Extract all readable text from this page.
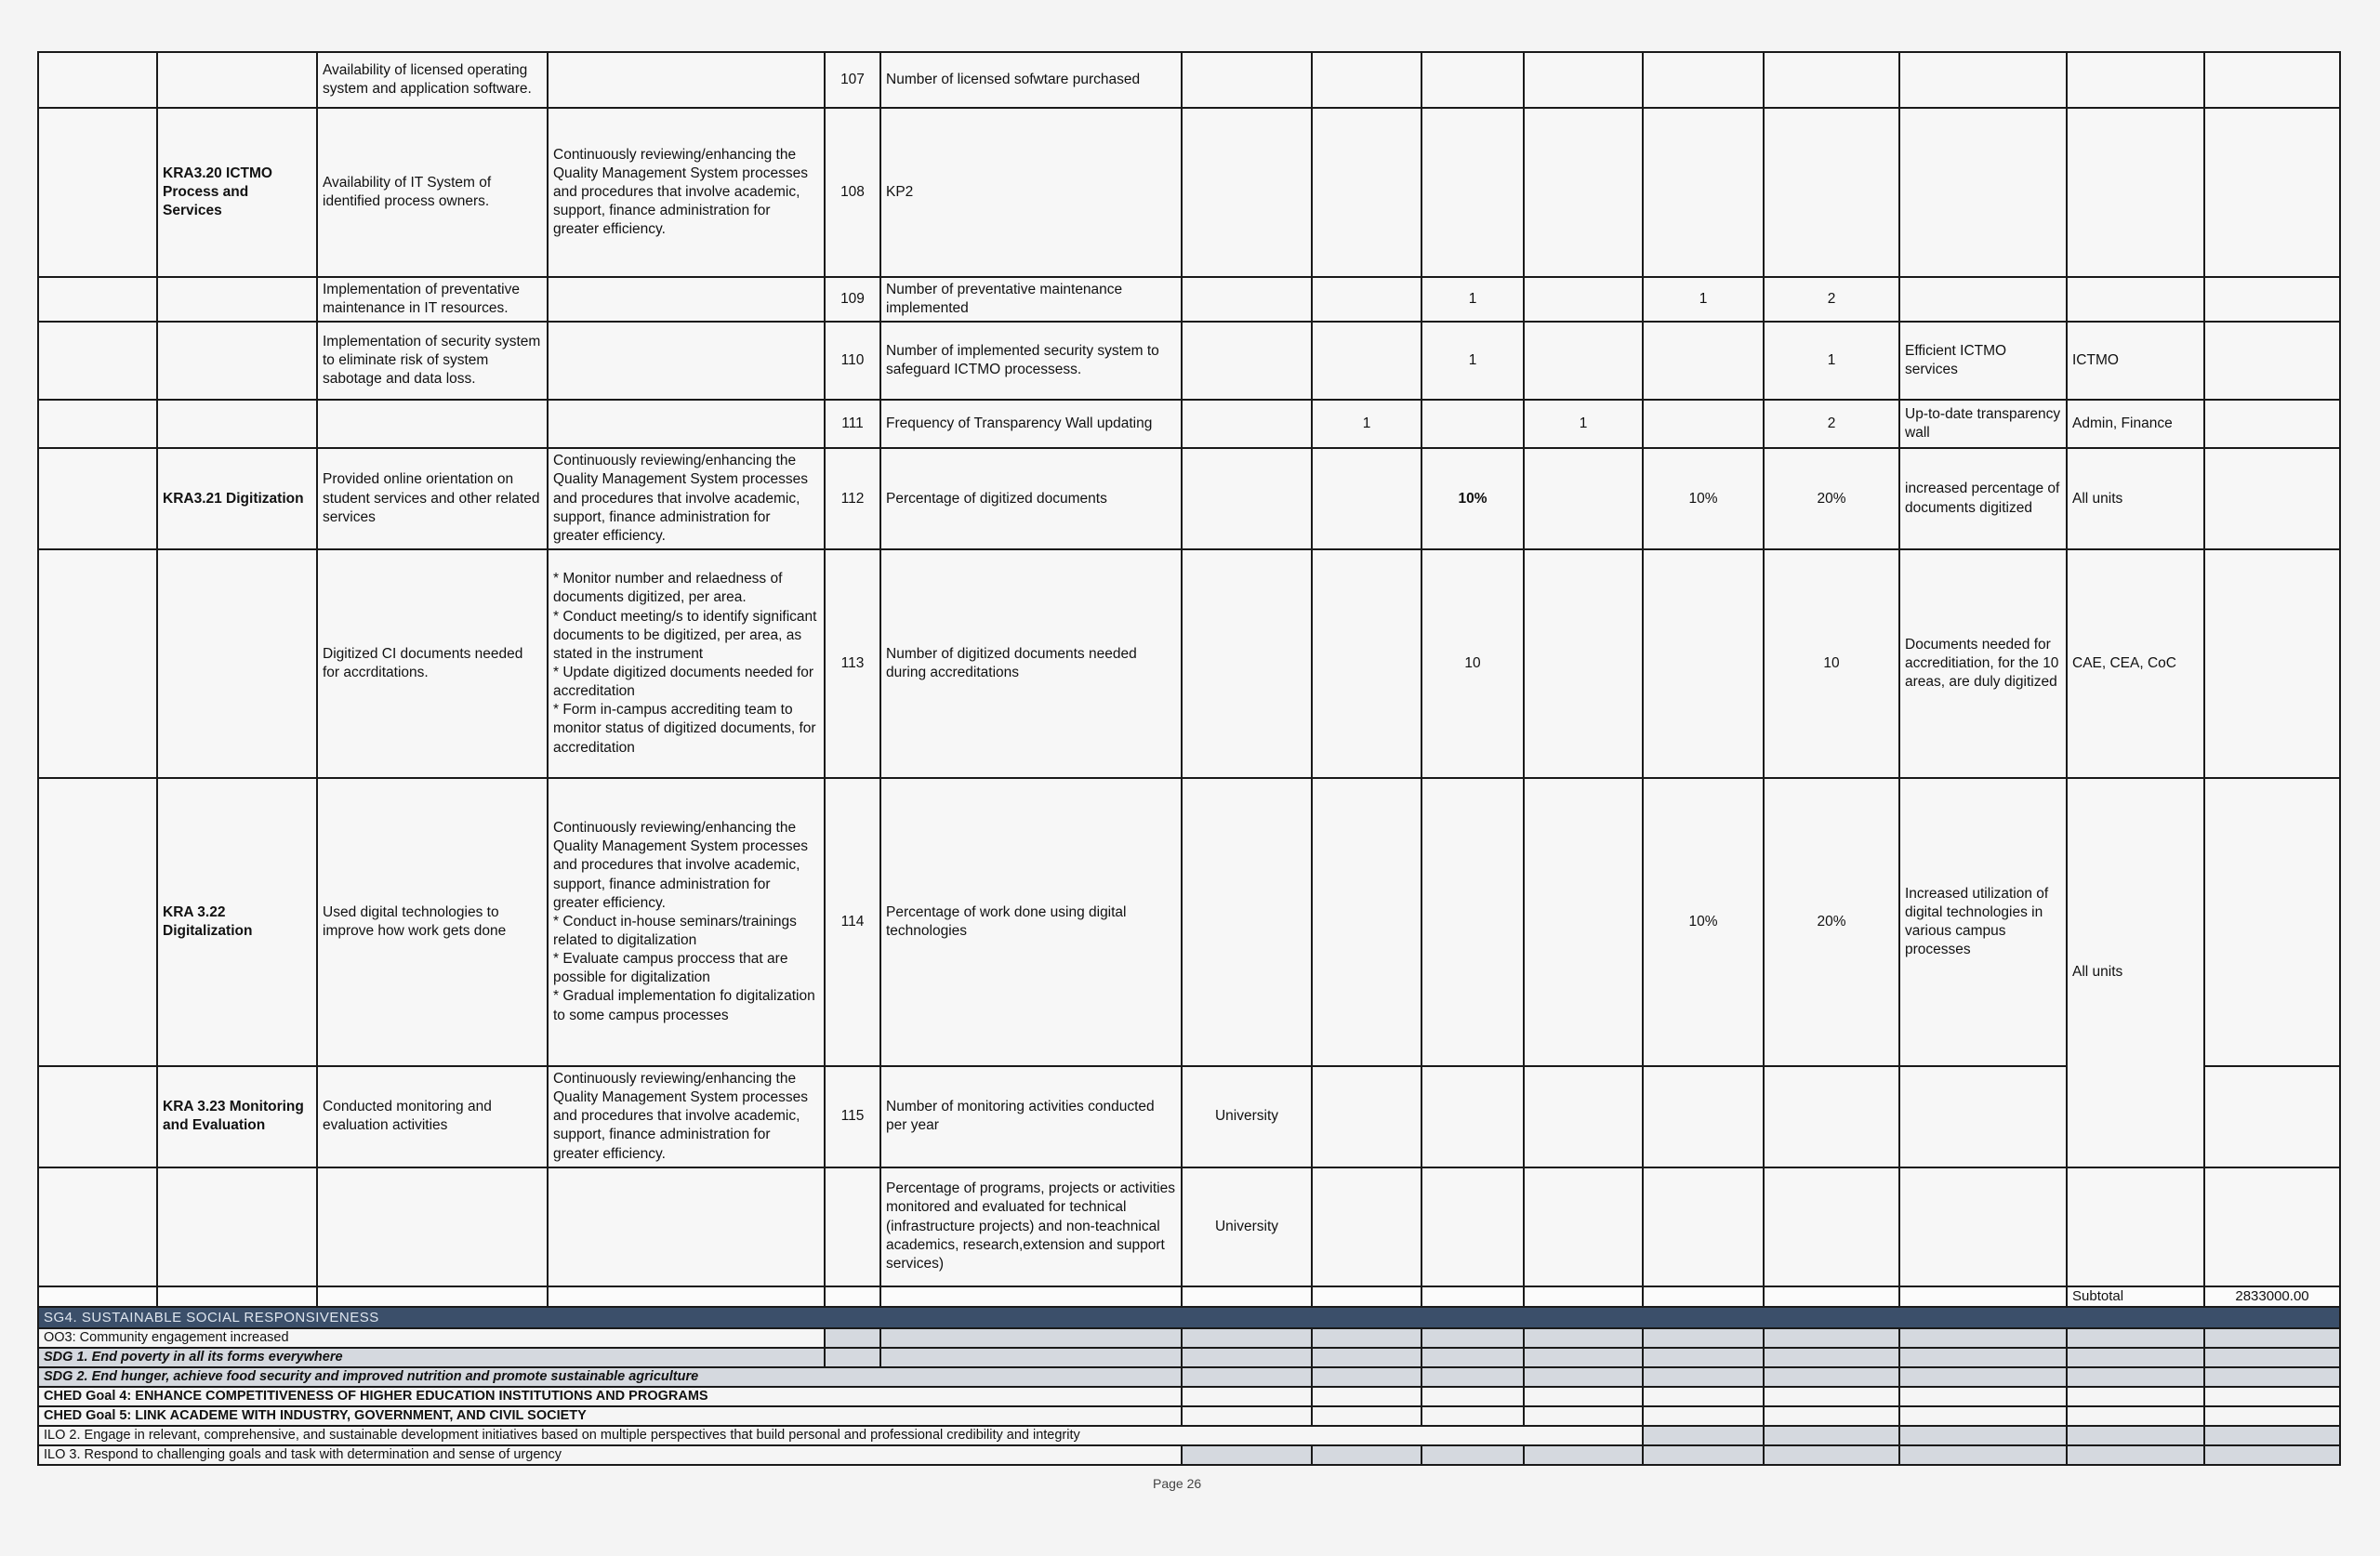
		Availability of licensed operating system and application software.		107	Number of licensed sofwtare purchased									
	KRA3.20 ICTMO Process and Services	Availability of IT System of identified process owners.	Continuously reviewing/enhancing the Quality Management System processes and procedures that involve academic, support, finance administration for greater efficiency.	108	KP2									
		Implementation of preventative maintenance in IT resources.		109	Number of preventative maintenance implemented			1		1	2			
		Implementation of security system to eliminate risk of system sabotage and data loss.		110	Number of implemented security system to safeguard ICTMO processess.			1			1	Efficient ICTMO services	ICTMO	
				111	Frequency of Transparency Wall updating		1		1		2	Up-to-date transparency wall	Admin, Finance	
	KRA3.21 Digitization	Provided online orientation on student services and other related services	Continuously reviewing/enhancing the Quality Management System processes and procedures that involve academic, support, finance administration for greater efficiency.	112	Percentage of digitized documents			10%		10%	20%	increased percentage of documents digitized	All units	
		Digitized CI documents needed for accrditations.	* Monitor number and relaedness of documents digitized, per area.
* Conduct meeting/s to identify significant documents to be digitized, per area, as stated in the instrument
* Update digitized documents needed for accreditation
* Form in-campus accrediting team to monitor status of digitized documents, for accreditation	113	Number of digitized documents needed during accreditations			10			10	Documents needed for accreditiation, for the 10 areas, are duly digitized	CAE, CEA, CoC	
	KRA 3.22 Digitalization	Used digital technologies to improve how work gets done	Continuously reviewing/enhancing the Quality Management System processes and procedures that involve academic, support, finance administration for greater efficiency.
* Conduct in-house seminars/trainings related to digitalization
* Evaluate campus proccess that are possible for digitalization
* Gradual implementation fo digitalization to some campus processes	114	Percentage of work done using digital technologies					10%	20%	Increased utilization of digital technologies in various campus processes	All units	
	KRA 3.23 Monitoring and Evaluation	Conducted monitoring and evaluation activities	Continuously reviewing/enhancing the Quality Management System processes and procedures that involve academic, support, finance administration for greater efficiency.	115	Number of monitoring activities conducted per year	University								
					Percentage of programs, projects or activities monitored and evaluated for technical (infrastructure projects) and non-teachnical academics, research,extension and support services)	University								
													Subtotal	2833000.00
SG4. SUSTAINABLE SOCIAL RESPONSIVENESS														
OO3: Community engagement increased														
SDG 1. End poverty in all its forms everywhere														
SDG 2. End hunger, achieve food security and improved nutrition and promote sustainable agriculture														
CHED Goal 4: ENHANCE COMPETITIVENESS OF HIGHER EDUCATION INSTITUTIONS AND PROGRAMS														
CHED Goal 5: LINK ACADEME WITH INDUSTRY, GOVERNMENT, AND CIVIL SOCIETY														
ILO 2. Engage in relevant, comprehensive, and sustainable development initiatives based on multiple perspectives that build personal and professional credibility and integrity														
ILO 3. Respond to challenging goals and task with determination and sense of urgency														
Page 26
